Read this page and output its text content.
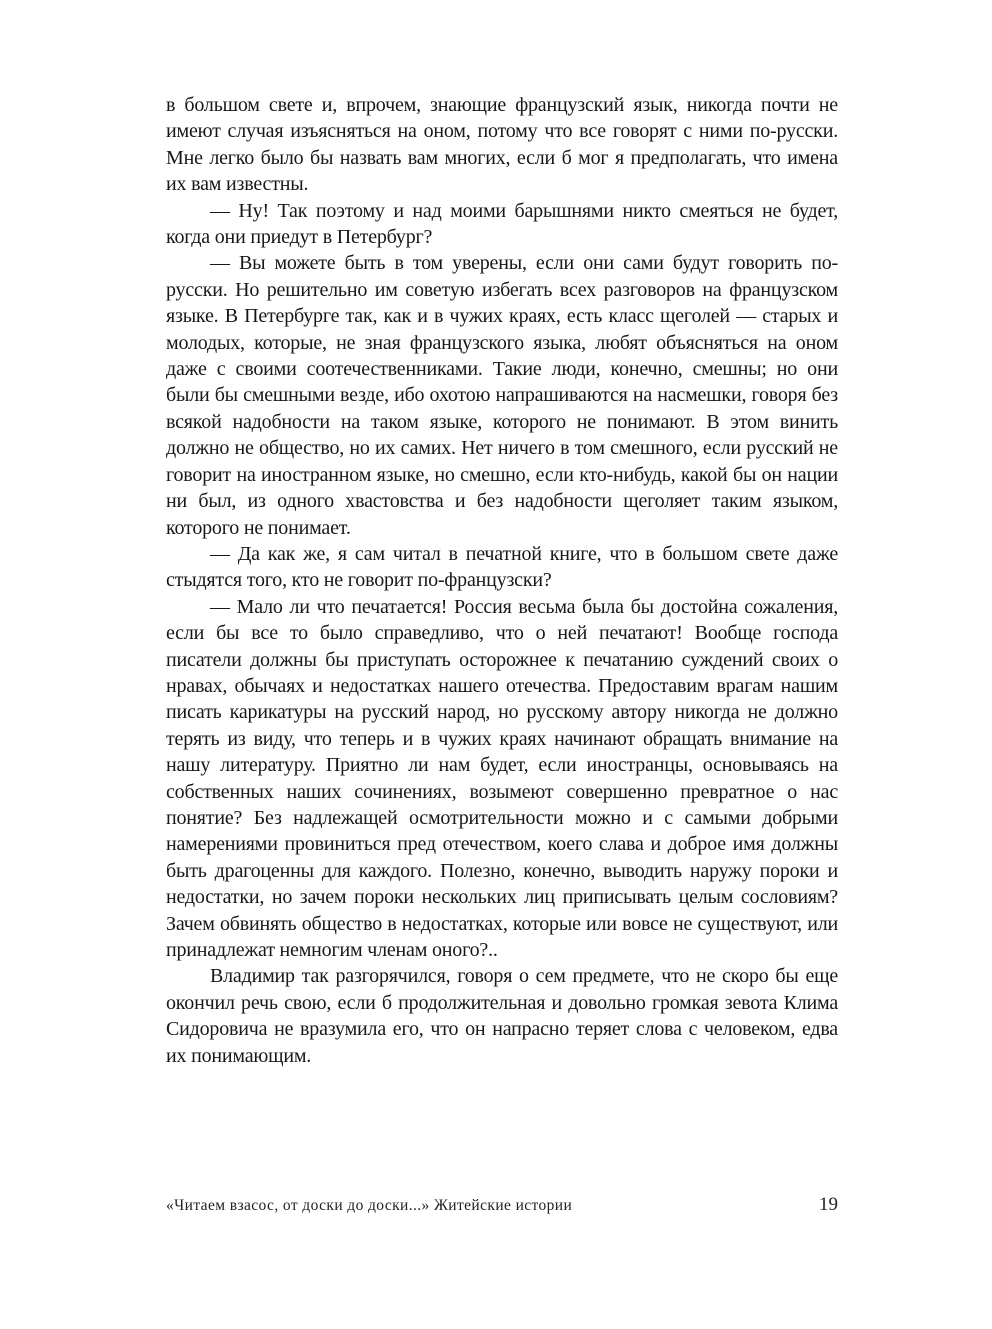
в большом свете и, впрочем, знающие французский язык, никогда почти не имеют случая изъясняться на оном, потому что все говорят с ними по-русски. Мне легко было бы назвать вам многих, если б мог я предполагать, что имена их вам известны.

— Ну! Так поэтому и над моими барышнями никто смеяться не будет, когда они приедут в Петербург?

— Вы можете быть в том уверены, если они сами будут говорить по-русски. Но решительно им советую избегать всех разговоров на французском языке. В Петербурге так, как и в чужих краях, есть класс щеголей — старых и молодых, которые, не зная французского языка, любят объясняться на оном даже с своими соотечественниками. Такие люди, конечно, смешны; но они были бы смешными везде, ибо охотою напрашиваются на насмешки, говоря без всякой надобности на таком языке, которого не понимают. В этом винить должно не общество, но их самих. Нет ничего в том смешного, если русский не говорит на иностранном языке, но смешно, если кто-нибудь, какой бы он нации ни был, из одного хвастовства и без надобности щеголяет таким языком, которого не понимает.

— Да как же, я сам читал в печатной книге, что в большом свете даже стыдятся того, кто не говорит по-французски?

— Мало ли что печатается! Россия весьма была бы достойна сожаления, если бы все то было справедливо, что о ней печатают! Вообще господа писатели должны бы приступать осторожнее к печатанию суждений своих о нравах, обычаях и недостатках нашего отечества. Предоставим врагам нашим писать карикатуры на русский народ, но русскому автору никогда не должно терять из виду, что теперь и в чужих краях начинают обращать внимание на нашу литературу. Приятно ли нам будет, если иностранцы, основываясь на собственных наших сочинениях, возымеют совершенно превратное о нас понятие? Без надлежащей осмотрительности можно и с самыми добрыми намерениями провиниться пред отечеством, коего слава и доброе имя должны быть драгоценны для каждого. Полезно, конечно, выводить наружу пороки и недостатки, но зачем пороки нескольких лиц приписывать целым сословиям? Зачем обвинять общество в недостатках, которые или вовсе не существуют, или принадлежат немногим членам оного?..

Владимир так разгорячился, говоря о сем предмете, что не скоро бы еще окончил речь свою, если б продолжительная и довольно громкая зевота Клима Сидоровича не вразумила его, что он напрасно теряет слова с человеком, едва их понимающим.

«Читаем взасос, от доски до доски...» Житейские истории	19
